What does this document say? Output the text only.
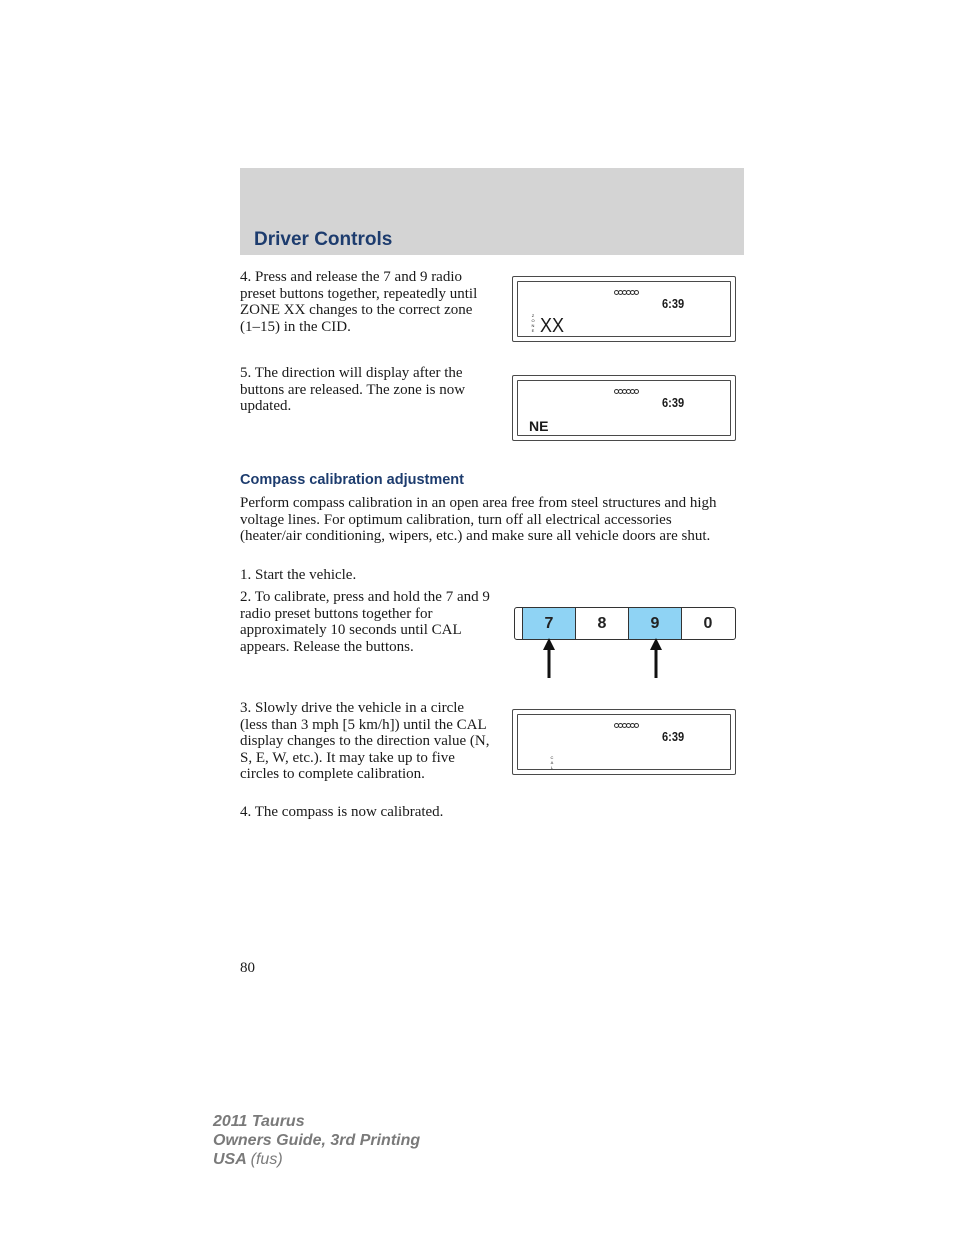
Driver Controls

4. Press and release the 7 and 9 radio preset buttons together, repeatedly until ZONE XX changes to the correct zone (1–15) in the CID.

5. The direction will display after the buttons are released. The zone is now updated.

6:39
Z
O
N
E XX
6:39
NE
Compass calibration adjustment

Perform compass calibration in an open area free from steel structures and high voltage lines. For optimum calibration, turn off all electrical accessories (heater/air conditioning, wipers, etc.) and make sure all vehicle doors are shut.

1. Start the vehicle.

2. To calibrate, press and hold the 7 and 9 radio preset buttons together for approximately 10 seconds until CAL appears. Release the buttons.

7	8	9	0

3. Slowly drive the vehicle in a circle (less than 3 mph [5 km/h]) until the CAL display changes to the direction value (N, S, E, W, etc.). It may take up to five circles to complete calibration.

6:39
C
A
L

4. The compass is now calibrated.

80
2011 Taurus
Owners Guide, 3rd Printing
USA (fus)
